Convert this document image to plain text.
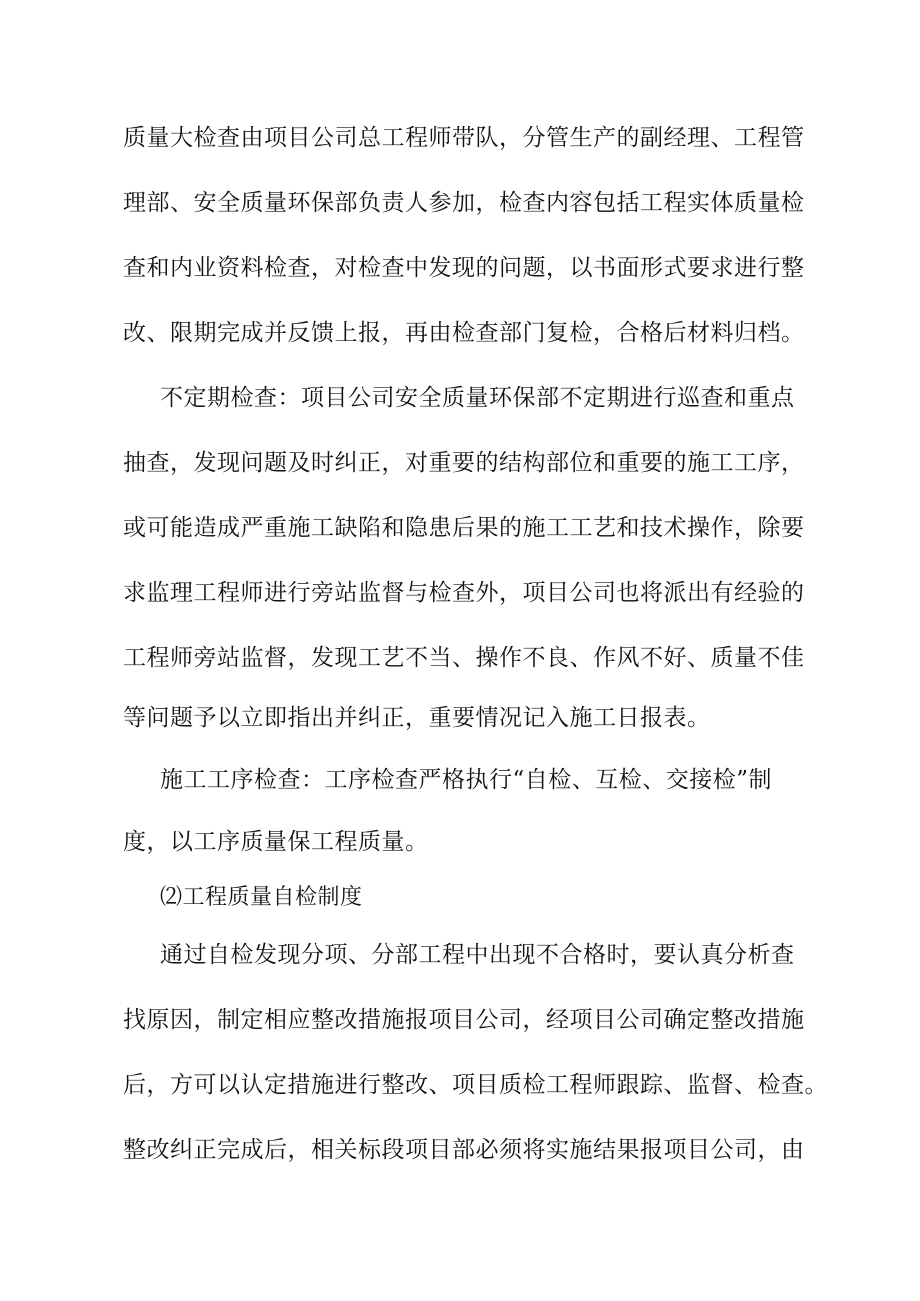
质量大检查由项目公司总工程师带队，分管生产的副经理、工程管
理部、安全质量环保部负责人参加，检查内容包括工程实体质量检
查和内业资料检查，对检查中发现的问题，以书面形式要求进行整
改、限期完成并反馈上报，再由检查部门复检，合格后材料归档。
不定期检查：项目公司安全质量环保部不定期进行巡查和重点
抽查，发现问题及时纠正，对重要的结构部位和重要的施工工序，
或可能造成严重施工缺陷和隐患后果的施工工艺和技术操作，除要
求监理工程师进行旁站监督与检查外，项目公司也将派出有经验的
工程师旁站监督，发现工艺不当、操作不良、作风不好、质量不佳
等问题予以立即指出并纠正，重要情况记入施工日报表。
施工工序检查：工序检查严格执行“自检、互检、交接检”制
度，以工序质量保工程质量。
⑵工程质量自检制度
通过自检发现分项、分部工程中出现不合格时，要认真分析查
找原因，制定相应整改措施报项目公司，经项目公司确定整改措施
后，方可以认定措施进行整改、项目质检工程师跟踪、监督、检查。
整改纠正完成后，相关标段项目部必须将实施结果报项目公司，由
